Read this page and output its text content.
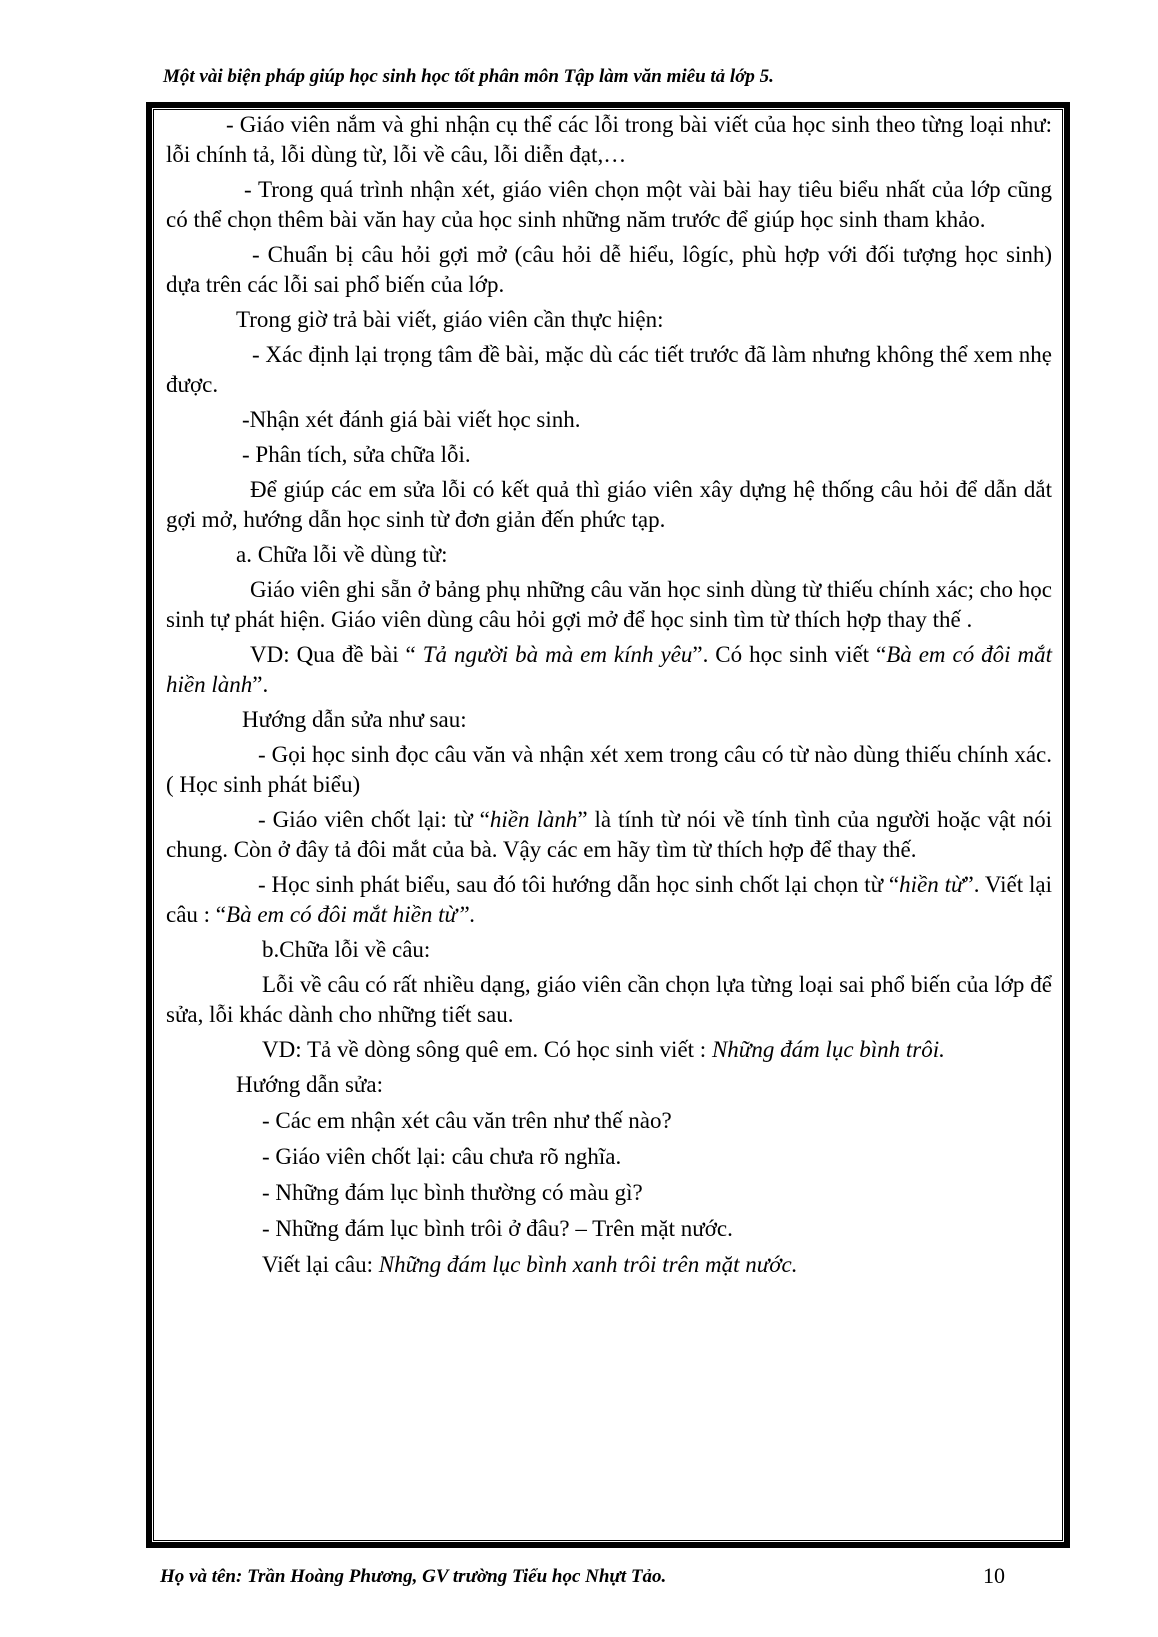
Một vài biện pháp giúp học sinh học tốt phân môn Tập làm văn miêu tả lớp 5.

- Giáo viên nắm và ghi nhận cụ thể các lỗi trong bài viết của học sinh theo từng loại như: lỗi chính tả, lỗi dùng từ, lỗi về câu, lỗi diễn đạt,…

- Trong quá trình nhận xét, giáo viên chọn một vài bài hay tiêu biểu nhất của lớp cũng có thể chọn thêm bài văn hay của học sinh những năm trước để giúp học sinh tham khảo.

- Chuẩn bị câu hỏi gợi mở (câu hỏi dễ hiểu, lôgíc, phù hợp với đối tượng học sinh) dựa trên các lỗi sai phổ biến của lớp.

Trong giờ trả bài viết, giáo viên cần thực hiện:

- Xác định lại trọng tâm đề bài, mặc dù các tiết trước đã làm nhưng không thể xem nhẹ được.

-Nhận xét đánh giá bài viết học sinh.

- Phân tích, sửa chữa lỗi.

Để giúp các em sửa lỗi có kết quả thì giáo viên xây dựng hệ thống câu hỏi để dẫn dắt gợi mở, hướng dẫn học sinh từ đơn giản đến phức tạp.

a. Chữa lỗi về dùng từ:

Giáo viên ghi sẵn ở bảng phụ những câu văn học sinh dùng từ thiếu chính xác; cho học sinh tự phát hiện. Giáo viên dùng câu hỏi gợi mở để học sinh tìm từ thích hợp thay thế .

VD: Qua đề bài “ Tả người bà mà em kính yêu”. Có học sinh viết “Bà em có đôi mắt hiền lành”.

Hướng dẫn sửa như sau:

- Gọi học sinh đọc câu văn và nhận xét xem trong câu có từ nào dùng thiếu chính xác. ( Học sinh phát biểu)

- Giáo viên chốt lại: từ “hiền lành” là tính từ nói về tính tình của người hoặc vật nói chung. Còn ở đây tả đôi mắt của bà. Vậy các em hãy tìm từ thích hợp để thay thế.

- Học sinh phát biểu, sau đó tôi hướng dẫn học sinh chốt lại chọn từ “hiền từ”. Viết lại câu : “Bà em có đôi mắt hiền từ”.

b.Chữa lỗi về câu:

Lỗi về câu có rất nhiều dạng, giáo viên cần chọn lựa từng loại sai phổ biến của lớp để sửa, lỗi khác dành cho những tiết sau.

VD: Tả về dòng sông quê em. Có học sinh viết : Những đám lục bình trôi.

Hướng dẫn sửa:

- Các em nhận xét câu văn trên như thế nào?

- Giáo viên chốt lại: câu chưa rõ nghĩa.

- Những đám lục bình thường có màu gì?

- Những đám lục bình trôi ở đâu? – Trên mặt nước.

Viết lại câu: Những đám lục bình xanh trôi trên mặt nước.

Họ và tên: Trần Hoàng Phương, GV trường Tiểu học Nhựt Tảo.	10
